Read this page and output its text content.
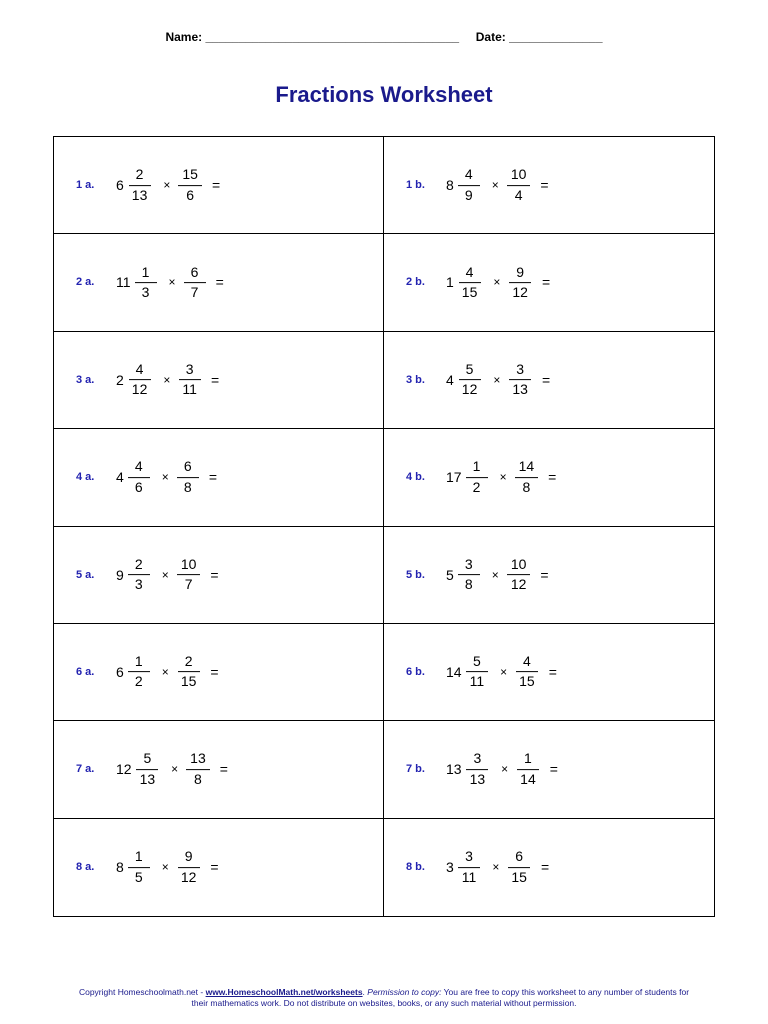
Name: ______________________________________ Date: ______________
Fractions Worksheet
1 a.	$6 \frac{2}{13} \times \frac{15}{6}$ =	1 b.	$8 \frac{4}{9} \times \frac{10}{4}$ =
2 a.	$11 \frac{1}{3} \times \frac{6}{7}$ =	2 b.	$1 \frac{4}{15} \times \frac{9}{12}$ =
3 a.	$2 \frac{4}{12} \times \frac{3}{11}$ =	3 b.	$4 \frac{5}{12} \times \frac{3}{13}$ =
4 a.	$4 \frac{4}{6} \times \frac{6}{8}$ =	4 b.	$17 \frac{1}{2} \times \frac{14}{8}$ =
5 a.	$9 \frac{2}{3} \times \frac{10}{7}$ =	5 b.	$5 \frac{3}{8} \times \frac{10}{12}$ =
6 a.	$6 \frac{1}{2} \times \frac{2}{15}$ =	6 b.	$14 \frac{5}{11} \times \frac{4}{15}$ =
7 a.	$12 \frac{5}{13} \times \frac{13}{8}$ =	7 b.	$13 \frac{3}{13} \times \frac{1}{14}$ =
8 a.	$8 \frac{1}{5} \times \frac{9}{12}$ =	8 b.	$3 \frac{3}{11} \times \frac{6}{15}$ =
Copyright Homeschoolmath.net - www.HomeschoolMath.net/worksheets. Permission to copy: You are free to copy this worksheet to any number of students for their mathematics work. Do not distribute on websites, books, or any such material without permission.
